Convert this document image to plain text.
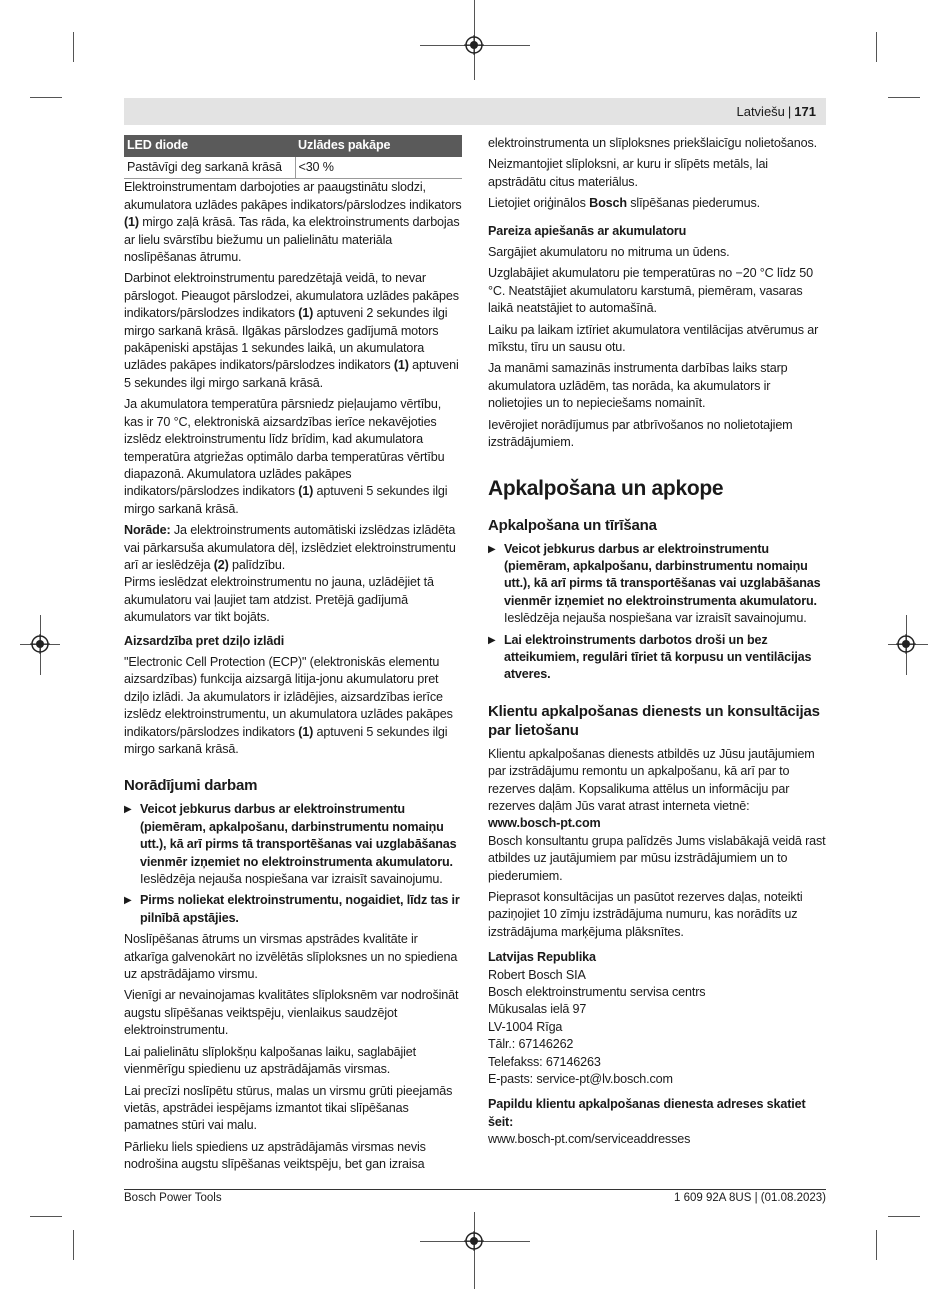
Latviešu | 171
LED diode	Uzlādes pakāpe
Pastāvīgi deg sarkanā krāsā	<30 %

Elektroinstrumentam darbojoties ar paaugstinātu slodzi, akumulatora uzlādes pakāpes indikators/pārslodzes indikators (1) mirgo zaļā krāsā. Tas rāda, ka elektroinstruments darbojas ar lielu svārstību biežumu un palielinātu materiāla noslīpēšanas ātrumu.

Darbinot elektroinstrumentu paredzētajā veidā, to nevar pārslogot. Pieaugot pārslodzei, akumulatora uzlādes pakāpes indikators/pārslodzes indikators (1) aptuveni 2 sekundes ilgi mirgo sarkanā krāsā. Ilgākas pārslodzes gadījumā motors pakāpeniski apstājas 1 sekundes laikā, un akumulatora uzlādes pakāpes indikators/pārslodzes indikators (1) aptuveni 5 sekundes ilgi mirgo sarkanā krāsā.

Ja akumulatora temperatūra pārsniedz pieļaujamo vērtību, kas ir 70 °C, elektroniskā aizsardzības ierīce nekavējoties izslēdz elektroinstrumentu līdz brīdim, kad akumulatora temperatūra atgriežas optimālo darba temperatūras vērtību diapazonā. Akumulatora uzlādes pakāpes indikators/pārslodzes indikators (1) aptuveni 5 sekundes ilgi mirgo sarkanā krāsā.

Norāde: Ja elektroinstruments automātiski izslēdzas izlādēta vai pārkarsuša akumulatora dēļ, izslēdziet elektroinstrumentu arī ar ieslēdzēja (2) palīdzību.

Pirms ieslēdzat elektroinstrumentu no jauna, uzlādējiet tā akumulatoru vai ļaujiet tam atdzist. Pretējā gadījumā akumulators var tikt bojāts.

Aizsardzība pret dziļo izlādi

"Electronic Cell Protection (ECP)" (elektroniskās elementu aizsardzības) funkcija aizsargā litija-jonu akumulatoru pret dziļo izlādi. Ja akumulators ir izlādējies, aizsardzības ierīce izslēdz elektroinstrumentu, un akumulatora uzlādes pakāpes indikators/pārslodzes indikators (1) aptuveni 5 sekundes ilgi mirgo sarkanā krāsā.

Norādījumi darbam
▶ Veicot jebkurus darbus ar elektroinstrumentu (piemēram, apkalpošanu, darbinstrumentu nomaiņu utt.), kā arī pirms tā transportēšanas vai uzglabāšanas vienmēr izņemiet no elektroinstrumenta akumulatoru.
Ieslēdzēja nejauša nospiešana var izraisīt savainojumu.
▶ Pirms noliekat elektroinstrumentu, nogaidiet, līdz tas ir pilnībā apstājies.

Noslīpēšanas ātrums un virsmas apstrādes kvalitāte ir atkarīga galvenokārt no izvēlētās slīploksnes un no spiediena uz apstrādājamo virsmu.

Vienīgi ar nevainojamas kvalitātes slīploksnēm var nodrošināt augstu slīpēšanas veiktspēju, vienlaikus saudzējot elektroinstrumentu.

Lai palielinātu slīplokšņu kalpošanas laiku, saglabājiet vienmērīgu spiedienu uz apstrādājamās virsmas.

Lai precīzi noslīpētu stūrus, malas un virsmu grūti pieejamās vietās, apstrādei iespējams izmantot tikai slīpēšanas pamatnes stūri vai malu.

Pārlieku liels spiediens uz apstrādājamās virsmas nevis nodrošina augstu slīpēšanas veiktspēju, bet gan izraisa

elektroinstrumenta un slīploksnes priekšlaicīgu nolietošanos.

Neizmantojiet slīploksni, ar kuru ir slīpēts metāls, lai apstrādātu citus materiālus.

Lietojiet oriģinālos Bosch slīpēšanas piederumus.

Pareiza apiešanās ar akumulatoru

Sargājiet akumulatoru no mitruma un ūdens.

Uzglabājiet akumulatoru pie temperatūras no −20 °C līdz 50 °C. Neatstājiet akumulatoru karstumā, piemēram, vasaras laikā neatstājiet to automašīnā.

Laiku pa laikam iztīriet akumulatora ventilācijas atvērumus ar mīkstu, tīru un sausu otu.

Ja manāmi samazinās instrumenta darbības laiks starp akumulatora uzlādēm, tas norāda, ka akumulators ir nolietojies un to nepieciešams nomainīt.

Ievērojiet norādījumus par atbrīvošanos no nolietotajiem izstrādājumiem.

Apkalpošana un apkope
Apkalpošana un tīrīšana
▶ Veicot jebkurus darbus ar elektroinstrumentu (piemēram, apkalpošanu, darbinstrumentu nomaiņu utt.), kā arī pirms tā transportēšanas vai uzglabāšanas vienmēr izņemiet no elektroinstrumenta akumulatoru.
Ieslēdzēja nejauša nospiešana var izraisīt savainojumu.
▶ Lai elektroinstruments darbotos droši un bez atteikumiem, regulāri tīriet tā korpusu un ventilācijas atveres.
Klientu apkalpošanas dienests un konsultācijas par lietošanu

Klientu apkalpošanas dienests atbildēs uz Jūsu jautājumiem par izstrādājumu remontu un apkalpošanu, kā arī par to rezerves daļām. Kopsalikuma attēlus un informāciju par rezerves daļām Jūs varat atrast interneta vietnē:

www.bosch-pt.com

Bosch konsultantu grupa palīdzēs Jums vislabākajā veidā rast atbildes uz jautājumiem par mūsu izstrādājumiem un to piederumiem.

Pieprasot konsultācijas un pasūtot rezerves daļas, noteikti paziņojiet 10 zīmju izstrādājuma numuru, kas norādīts uz izstrādājuma marķējuma plāksnītes.

Latvijas Republika

Robert Bosch SIA
Bosch elektroinstrumentu servisa centrs
Mūkusalas ielā 97
LV-1004 Rīga
Tālr.: 67146262
Telefakss: 67146263
E-pasts: service-pt@lv.bosch.com

Papildu klientu apkalpošanas dienesta adreses skatiet šeit:

www.bosch-pt.com/serviceaddresses

Bosch Power Tools	1 609 92A 8US | (01.08.2023)
